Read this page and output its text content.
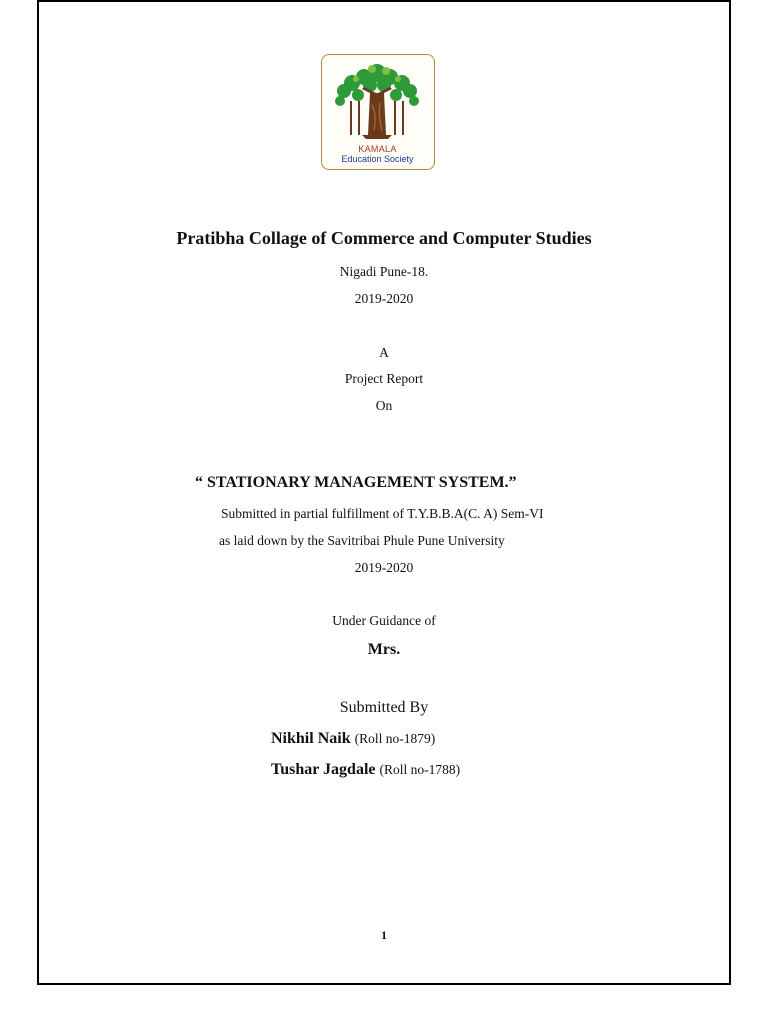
KAMALA
Education Society
Pratibha Collage of Commerce and Computer Studies
Nigadi Pune-18.
2019-2020
A
Project Report
On
“ STATIONARY MANAGEMENT SYSTEM.”
Submitted in partial fulfillment of T.Y.B.B.A(C. A) Sem-VI
as laid down by the Savitribai Phule Pune University
2019-2020
Under Guidance of
Mrs.
Submitted By
Nikhil Naik (Roll no-1879)
Tushar Jagdale (Roll no-1788)
1
